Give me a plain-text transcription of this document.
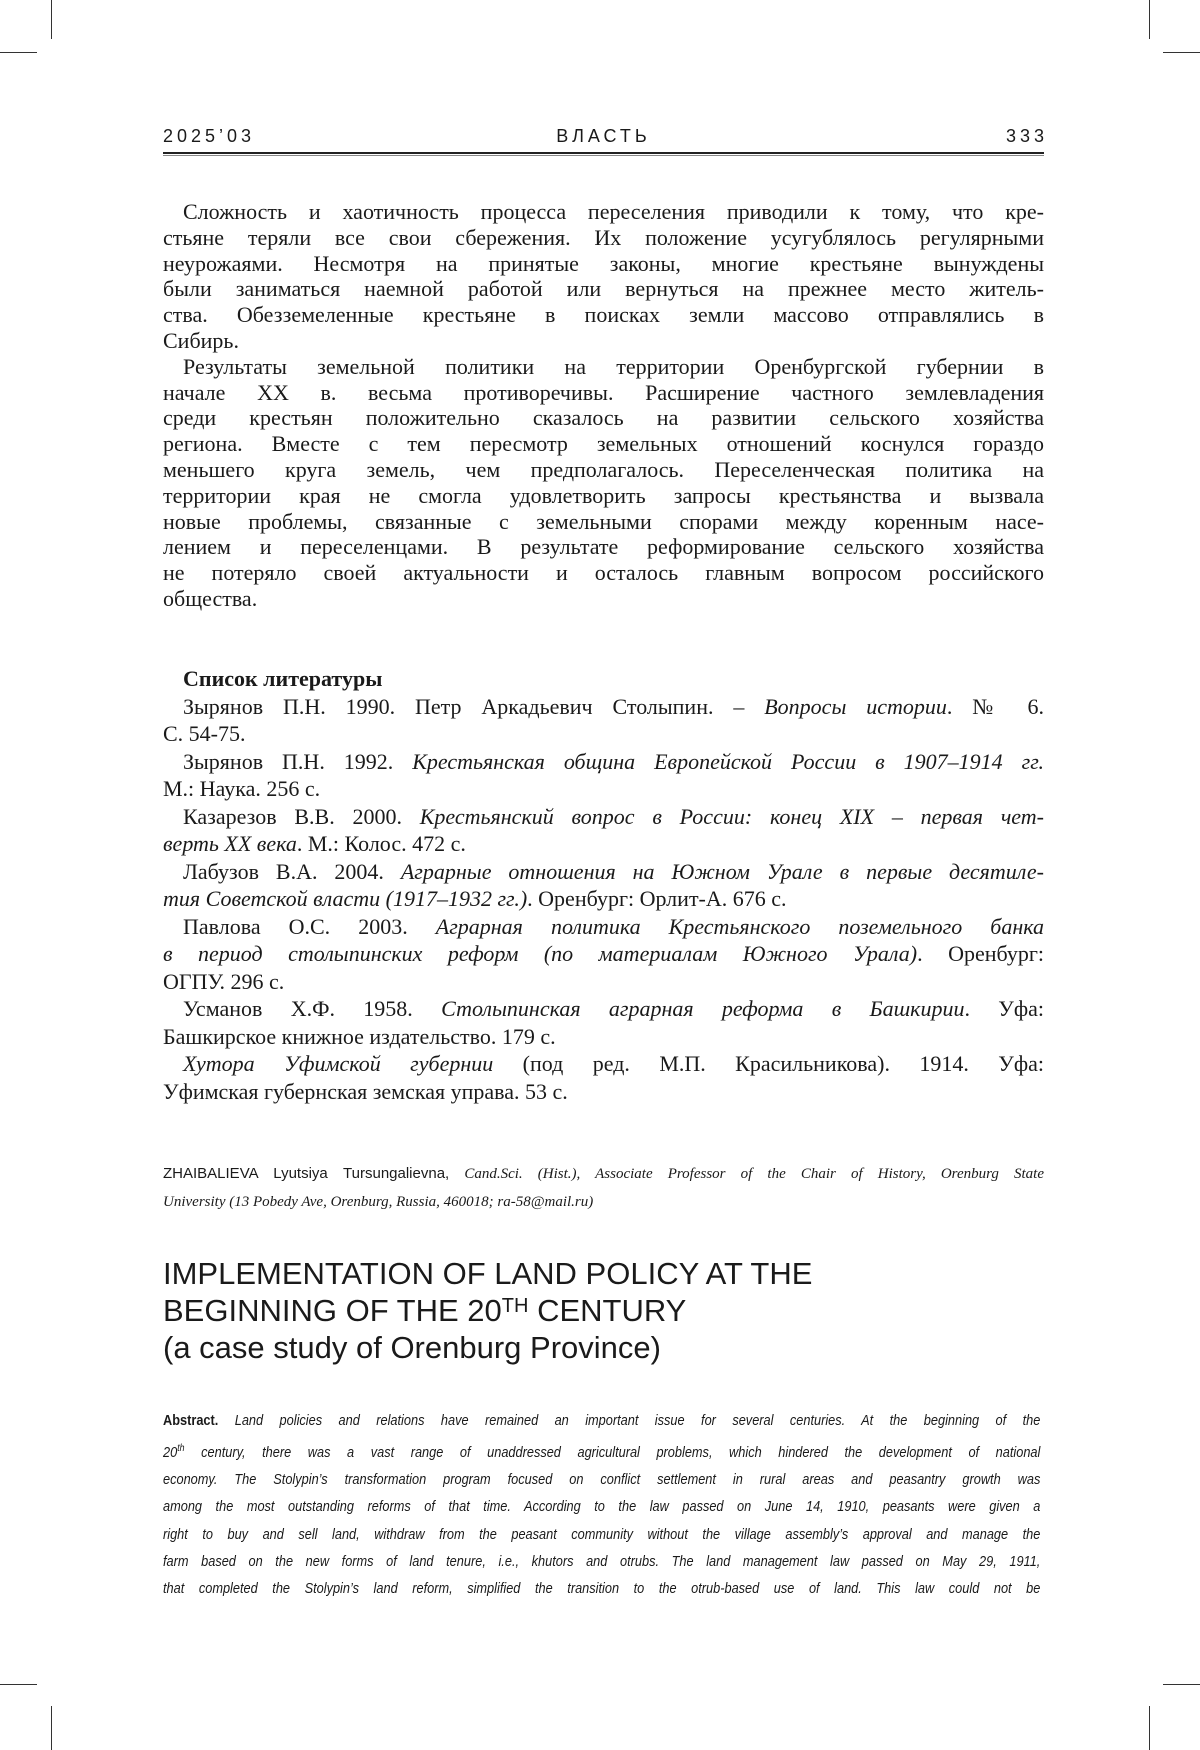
2025’03	ВЛАСТЬ	333
Сложность и хаотичность процесса переселения приводили к тому, что кре-
стьяне теряли все свои сбережения. Их положение усугублялось регулярными
неурожаями. Несмотря на принятые законы, многие крестьяне вынуждены
были заниматься наемной работой или вернуться на прежнее место житель-
ства. Обезземеленные крестьяне в поисках земли массово отправлялись в
Сибирь.
Результаты земельной политики на территории Оренбургской губернии в
начале XX в. весьма противоречивы. Расширение частного землевладения
среди крестьян положительно сказалось на развитии сельского хозяйства
региона. Вместе с тем пересмотр земельных отношений коснулся гораздо
меньшего круга земель, чем предполагалось. Переселенческая политика на
территории края не смогла удовлетворить запросы крестьянства и вызвала
новые проблемы, связанные с земельными спорами между коренным насе-
лением и переселенцами. В результате реформирование сельского хозяйства
не потеряло своей актуальности и осталось главным вопросом российского
общества.
Список литературы
Зырянов П.Н. 1990. Петр Аркадьевич Столыпин. – Вопросы истории. № 6.
С. 54-75.
Зырянов П.Н. 1992. Крестьянская община Европейской России в 1907–1914 гг.
М.: Наука. 256 с.
Казарезов В.В. 2000. Крестьянский вопрос в России: конец XIX – первая чет-
верть XX века. М.: Колос. 472 с.
Лабузов В.А. 2004. Аграрные отношения на Южном Урале в первые десятиле-
тия Советской власти (1917–1932 гг.). Оренбург: Орлит-А. 676 с.
Павлова О.С. 2003. Аграрная политика Крестьянского поземельного банка
в период столыпинских реформ (по материалам Южного Урала). Оренбург:
ОГПУ. 296 с.
Усманов Х.Ф. 1958. Столыпинская аграрная реформа в Башкирии. Уфа:
Башкирское книжное издательство. 179 с.
Хутора Уфимской губернии (под ред. М.П. Красильникова). 1914. Уфа:
Уфимская губернская земская управа. 53 с.
ZHAIBALIEVA Lyutsiya Tursungalievna, Cand.Sci. (Hist.), Associate Professor of the Chair of History, Orenburg State
University (13 Pobedy Ave, Orenburg, Russia, 460018; ra-58@mail.ru)
IMPLEMENTATION OF LAND POLICY AT THE
BEGINNING OF THE 20TH CENTURY
(a case study of Orenburg Province)
Abstract. Land policies and relations have remained an important issue for several centuries. At the beginning of the
20th century, there was a vast range of unaddressed agricultural problems, which hindered the development of national
economy. The Stolypin’s transformation program focused on conflict settlement in rural areas and peasantry growth was
among the most outstanding reforms of that time. According to the law passed on June 14, 1910, peasants were given a
right to buy and sell land, withdraw from the peasant community without the village assembly’s approval and manage the
farm based on the new forms of land tenure, i.e., khutors and otrubs. The land management law passed on May 29, 1911,
that completed the Stolypin’s land reform, simplified the transition to the otrub-based use of land. This law could not be
